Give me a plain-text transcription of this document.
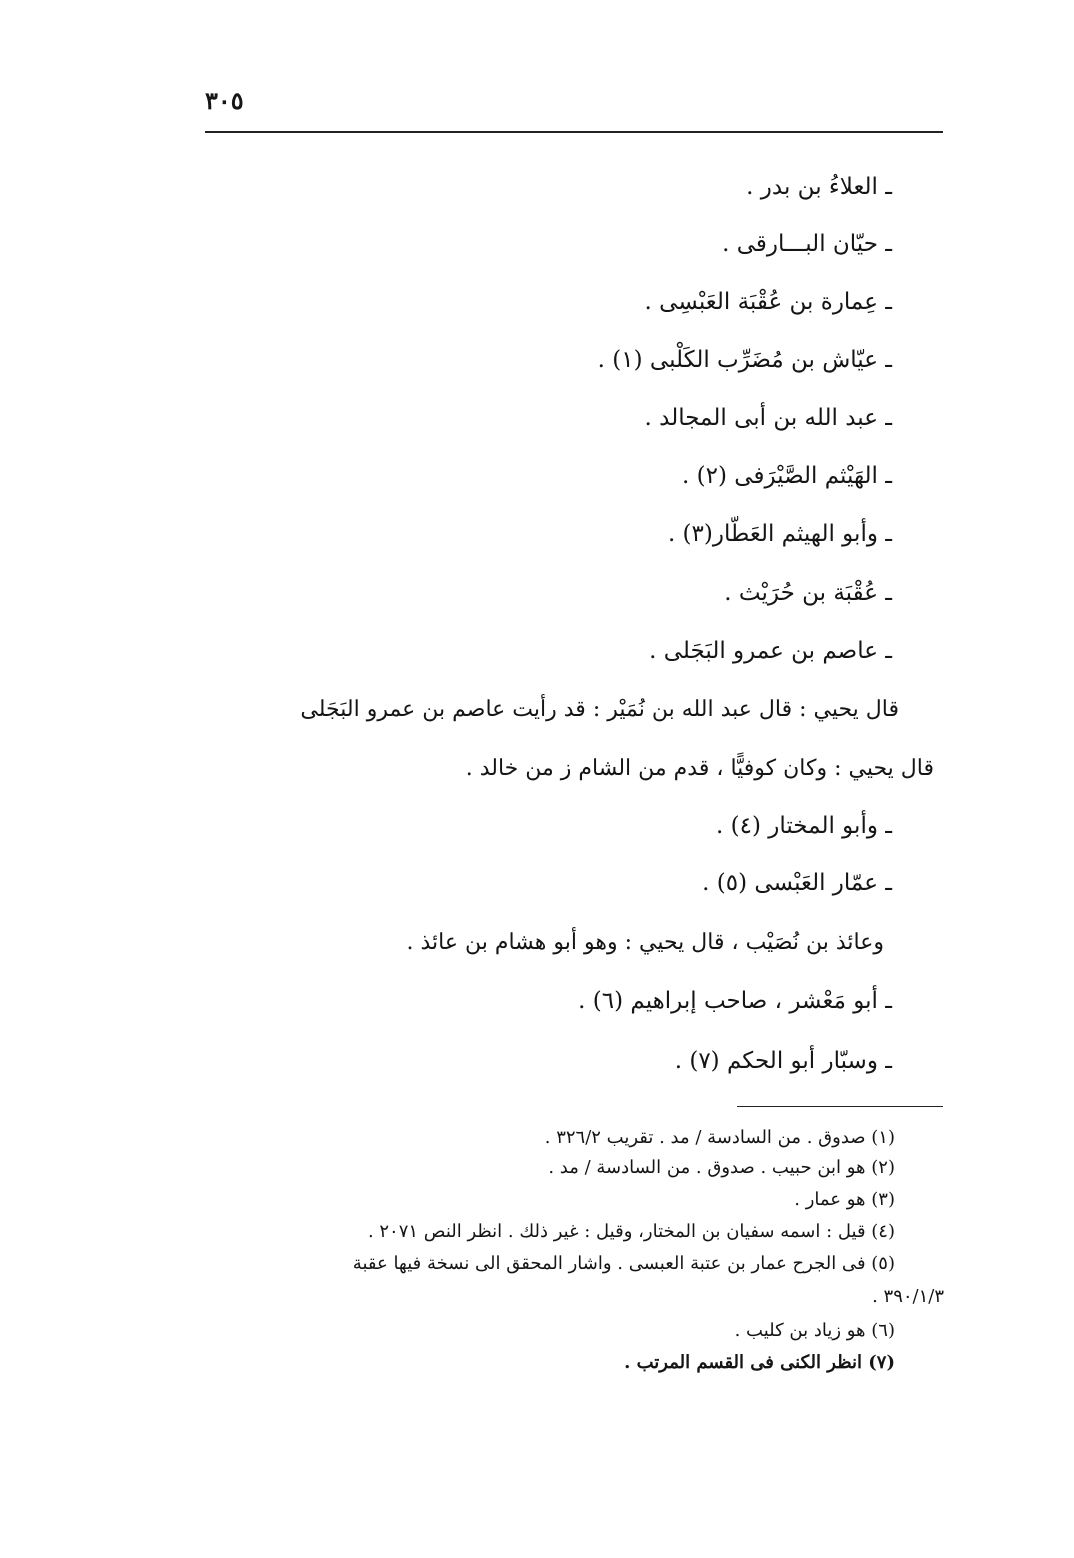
٣٠٥
ـ العلاءُ بن بدر .
ـ حيّان البـــارقى .
ـ عِمارة بن عُقْبَة العَبْسِى .
ـ عيّاش بن مُضَرِّب الكَلْبى (١) .
ـ عبد الله بن أبى المجالد .
ـ الهَيْثم الصَّيْرَفى (٢) .
ـ وأبو الهيثم العَطّار(٣) .
ـ عُقْبَة بن حُرَيْث .
ـ عاصم بن عمرو البَجَلى .
قال يحيي : قال عبد الله بن نُمَيْر : قد رأيت عاصم بن عمرو البَجَلى
قال يحيي : وكان كوفيًّا ، قدم من الشام ز من خالد .
ـ وأبو المختار (٤) .
ـ عمّار العَبْسى (٥) .
وعائذ بن نُصَيْب ، قال يحيي : وهو أبو هشام بن عائذ .
ـ أبو مَعْشر ، صاحب إبراهيم (٦) .
ـ وسبّار أبو الحكم (٧) .
(١) صدوق . من السادسة / مد . تقريب ٣٢٦/٢ .
(٢) هو ابن حبيب . صدوق . من السادسة / مد .
(٣) هو عمار .
(٤) قيل : اسمه سفيان بن المختار، وقيل : غير ذلك . انظر النص ٢٠٧١ .
(٥) فى الجرح عمار بن عتبة العبسى . واشار المحقق الى نسخة فيها عقبة
٣٩٠/١/٣ .
(٦) هو زياد بن كليب .
(٧) انظر الكنى فى القسم المرتب .
